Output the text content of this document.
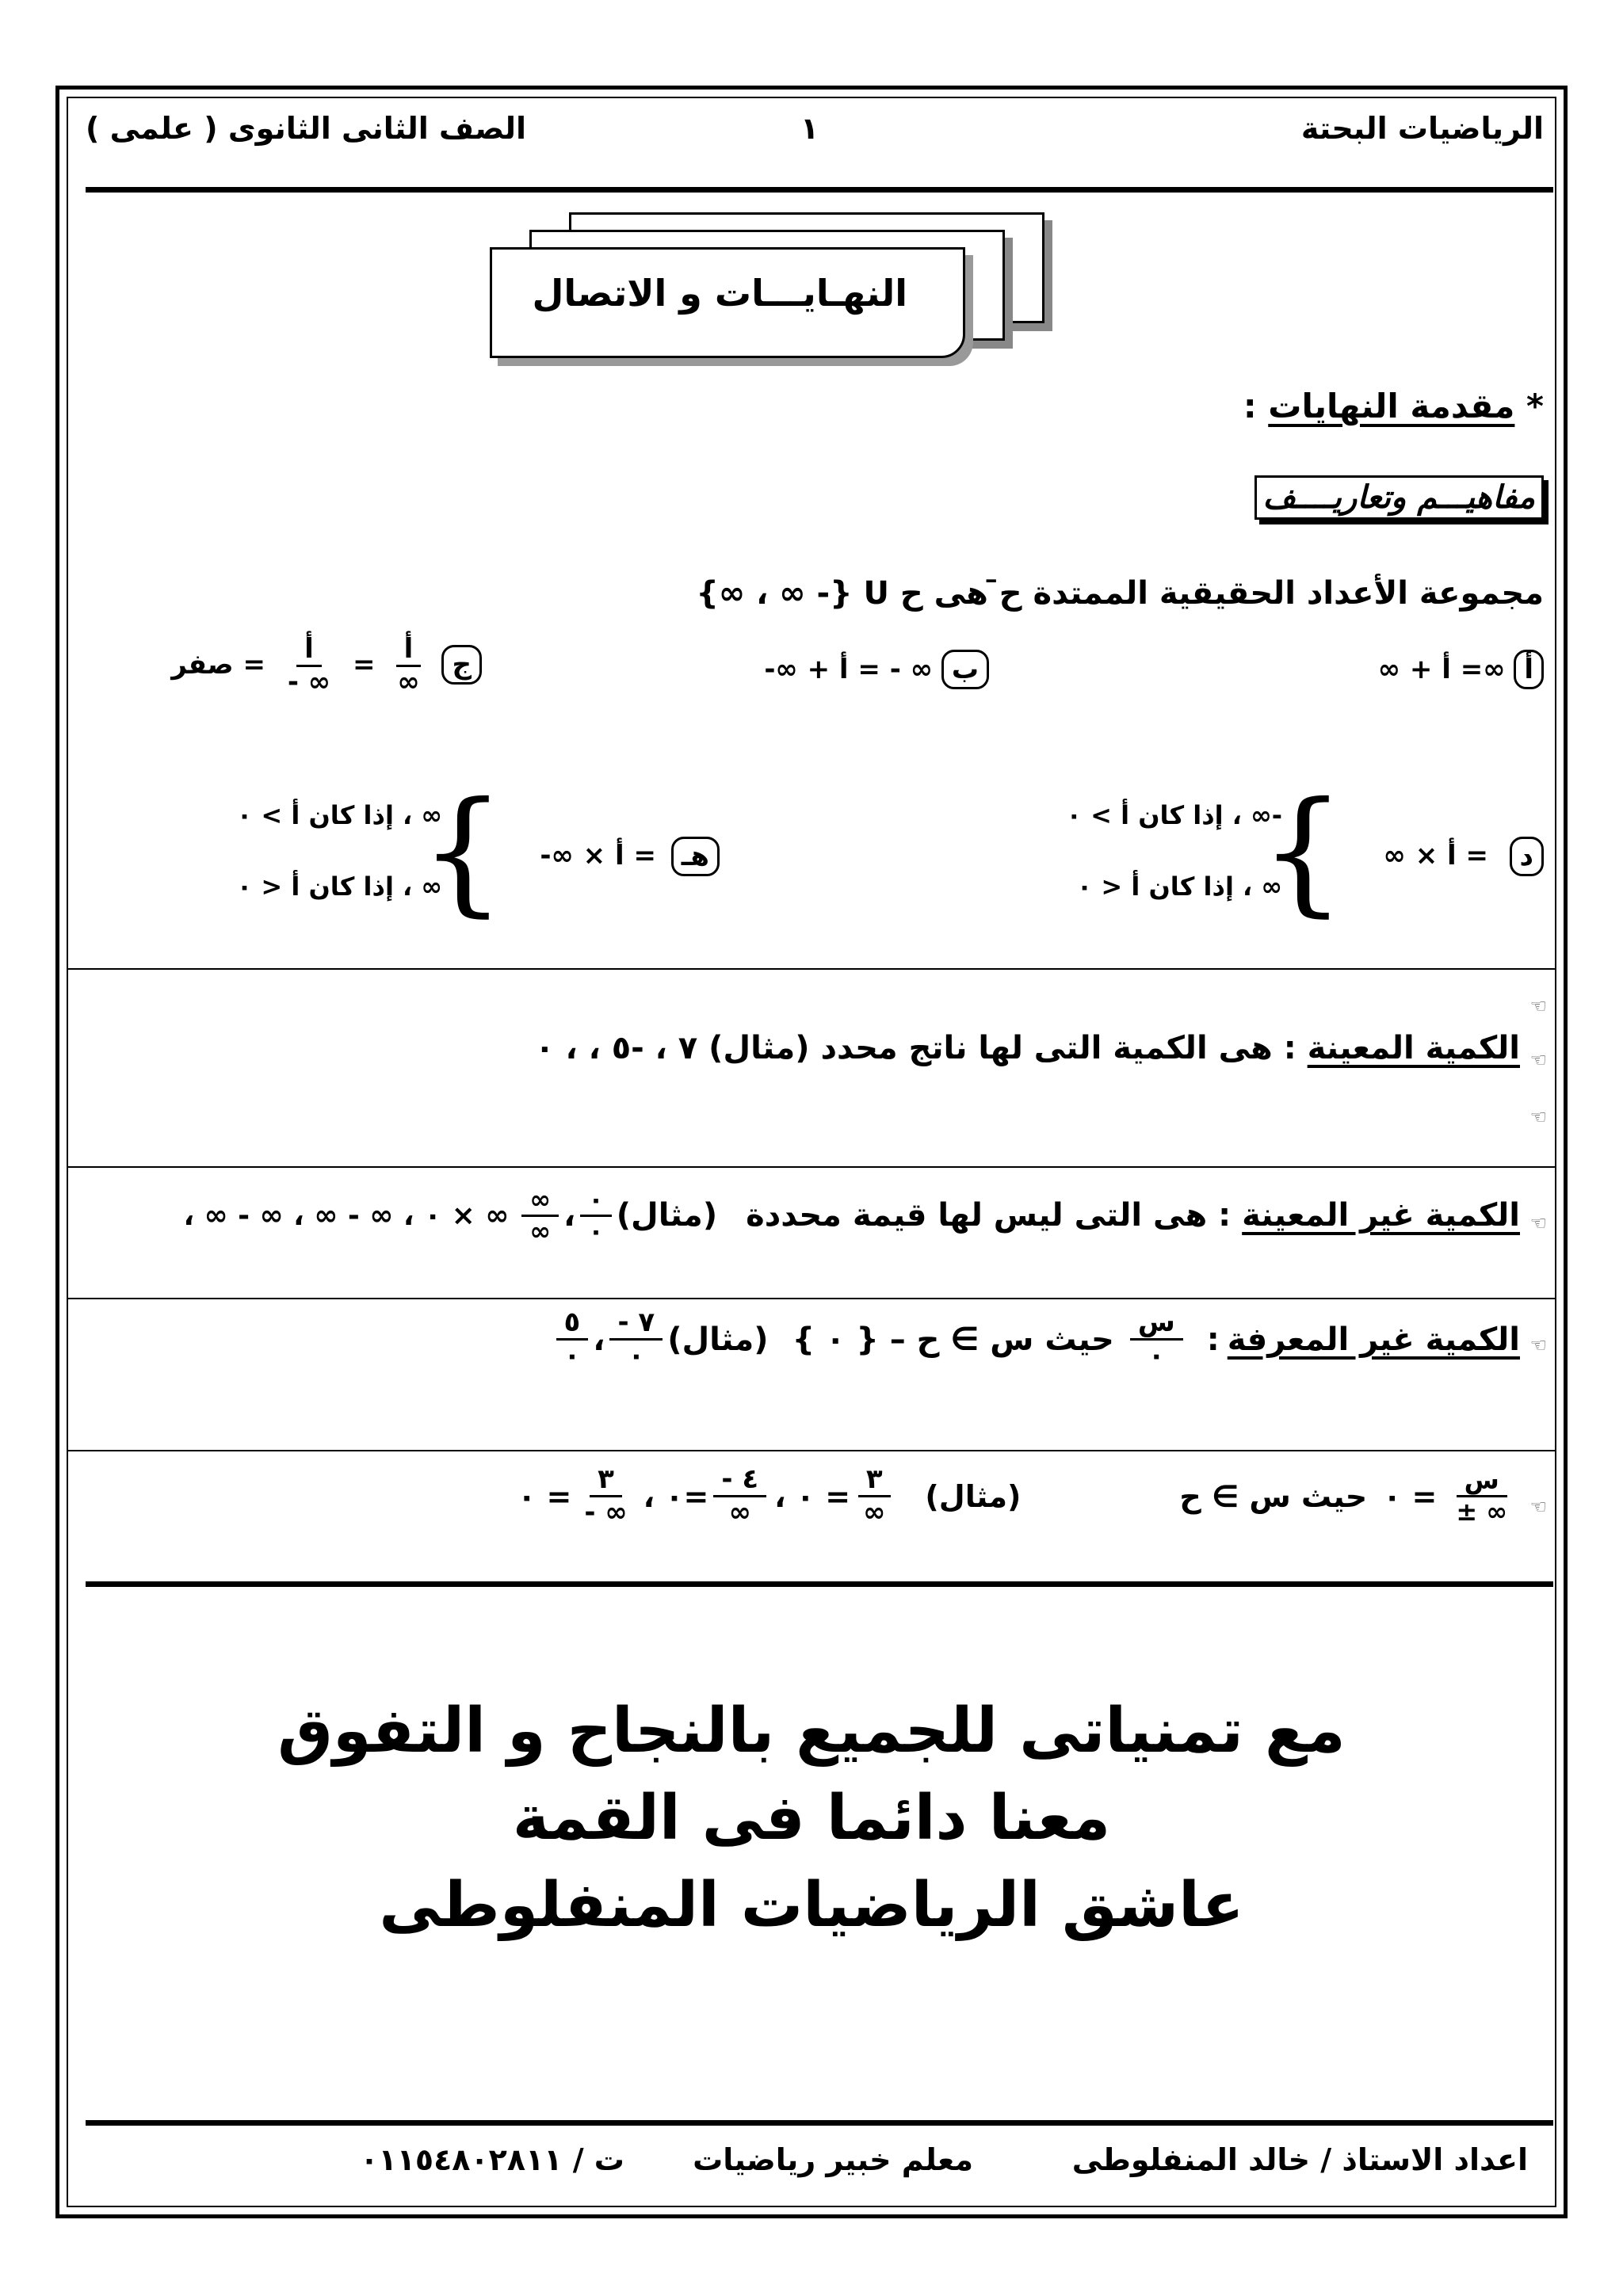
الرياضيات البحتة
١
الصف الثانى الثانوى ( علمى )
النهـايـــات و الاتصال
* مقدمة النهايات :
مفاهيـــم وتعاريــــف
مجموعة الأعداد الحقيقية الممتدة ح̄ هى ح U {- ∞ ، ∞}
أ ∞ + أ =∞
ب -∞ + أ = - ∞
ج
$\frac{\text{أ}}{\infty}$
=
$\frac{\text{أ}}{\infty -}$
= صفر
د
∞ × أ =
{
-∞ ، إذا كان أ > ٠
∞ ، إذا كان أ < ٠
هـ
-∞ × أ =
{
∞ ، إذا كان أ > ٠
∞ ، إذا كان أ < ٠
☜
الكمية المعينة : هى الكمية التى لها ناتج محدد (مثال) ٧ ، -٥ ، ، ٠	☜
☜
☜
الكمية غير المعينة
: هى التى ليس لها قيمة محددة
(مثال)
$\frac{٠}{٠}$
،
$\frac{\infty}{\infty}$
، ∞ - ∞ ، ∞ - ∞ ، ٠ × ∞
☜
الكمية غير المعرفة
:
$\frac{\text{س}}{٠}$
حيث س ∋ ح – { ٠ }
(مثال)
$\frac{٧ -}{٠}$
،
$\frac{٥}{٠}$
☜
$\frac{\text{س}}{\infty \pm}$
= ٠
حيث س ∋ ح
(مثال)
$\frac{٣}{\infty}$
= ٠ ،
$\frac{٤ -}{\infty}$
=٠ ،
$\frac{٣}{\infty -}$
= ٠
مع تمنياتى للجميع بالنجاح و التفوق
معنا دائما فى القمة
عاشق الرياضيات المنفلوطى
اعداد الاستاذ / خالد المنفلوطى
معلم خبير رياضيات
ت / ٠١١٥٤٨٠٢٨١١
